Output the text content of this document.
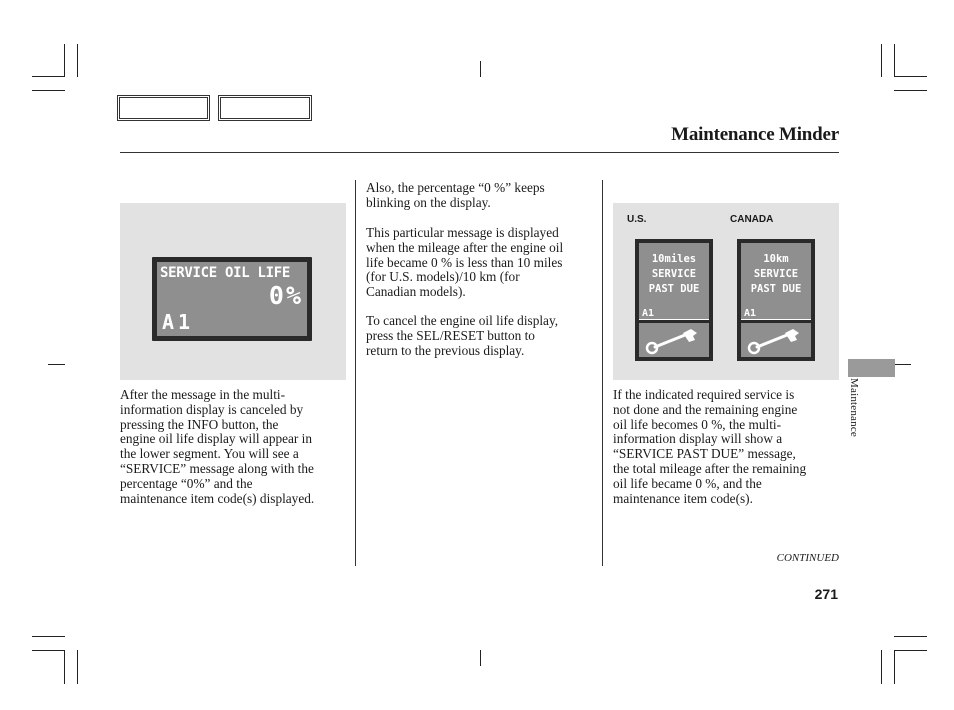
Maintenance Minder
SERVICE OIL LIFE
0%
A1
After the message in the multi-
information display is canceled by
pressing the INFO button, the
engine oil life display will appear in
the lower segment. You will see a
“SERVICE” message along with the
percentage “0%” and the
maintenance item code(s) displayed.
Also, the percentage “0 %” keeps
blinking on the display.
This particular message is displayed
when the mileage after the engine oil
life became 0 % is less than 10 miles
(for U.S. models)/10 km (for
Canadian models).
To cancel the engine oil life display,
press the SEL/RESET button to
return to the previous display.
U.S.	CANADA
10miles
SERVICE
PAST DUE
A1
10km
SERVICE
PAST DUE
A1
If the indicated required service is
not done and the remaining engine
oil life becomes 0 %, the multi-
information display will show a
“SERVICE PAST DUE” message,
the total mileage after the remaining
oil life became 0 %, and the
maintenance item code(s).
Maintenance
CONTINUED
271
